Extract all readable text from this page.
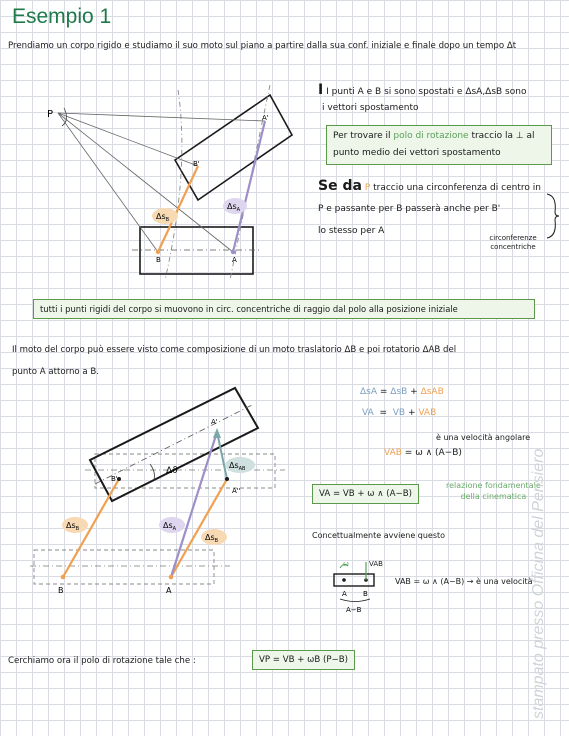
Esempio 1
Prendiamo un corpo rigido e studiamo il suo moto sul piano a partire dalla sua conf. iniziale e finale dopo un tempo Δt
P
B	A
B'
A'
$\Delta s_B$
$\Delta s_A$
I I punti A e B si sono spostati e ΔsA,ΔsB sono
i vettori spostamento
Per trovare il polo di rotazione traccio la ⊥ al
punto medio dei vettori spostamento
Se da P traccio una circonferenza di centro in
P e passante per B passerà anche per B'
lo stesso per A
circonferenze concentriche
tutti i punti rigidi del corpo si muovono in circ. concentriche di raggio dal polo alla posizione iniziale
Il moto del corpo può essere visto come composizione di un moto traslatorio ΔB e poi rotatorio ΔAB del
punto A attorno a B.
B	A
B'
A'
A''
Δϑ
$\Delta s_{AB}$
$\Delta s_A$
$\Delta s_B$
$\Delta s_B$
ΔsA = ΔsB + ΔsAB
VA  =  VB + VAB
è una velocità angolare
VAB = ω ∧ (A−B)
VA = VB + ω ∧ (A−B)
relazione fondamentale
della cinematica
Concettualmente avviene questo
A B
A−B
ω	VAB
VAB = ω ∧ (A−B) → è una velocità
Cerchiamo ora il polo di rotazione tale che :	VP = VB + ωB (P−B)	stampato presso Officina del Pensiero
